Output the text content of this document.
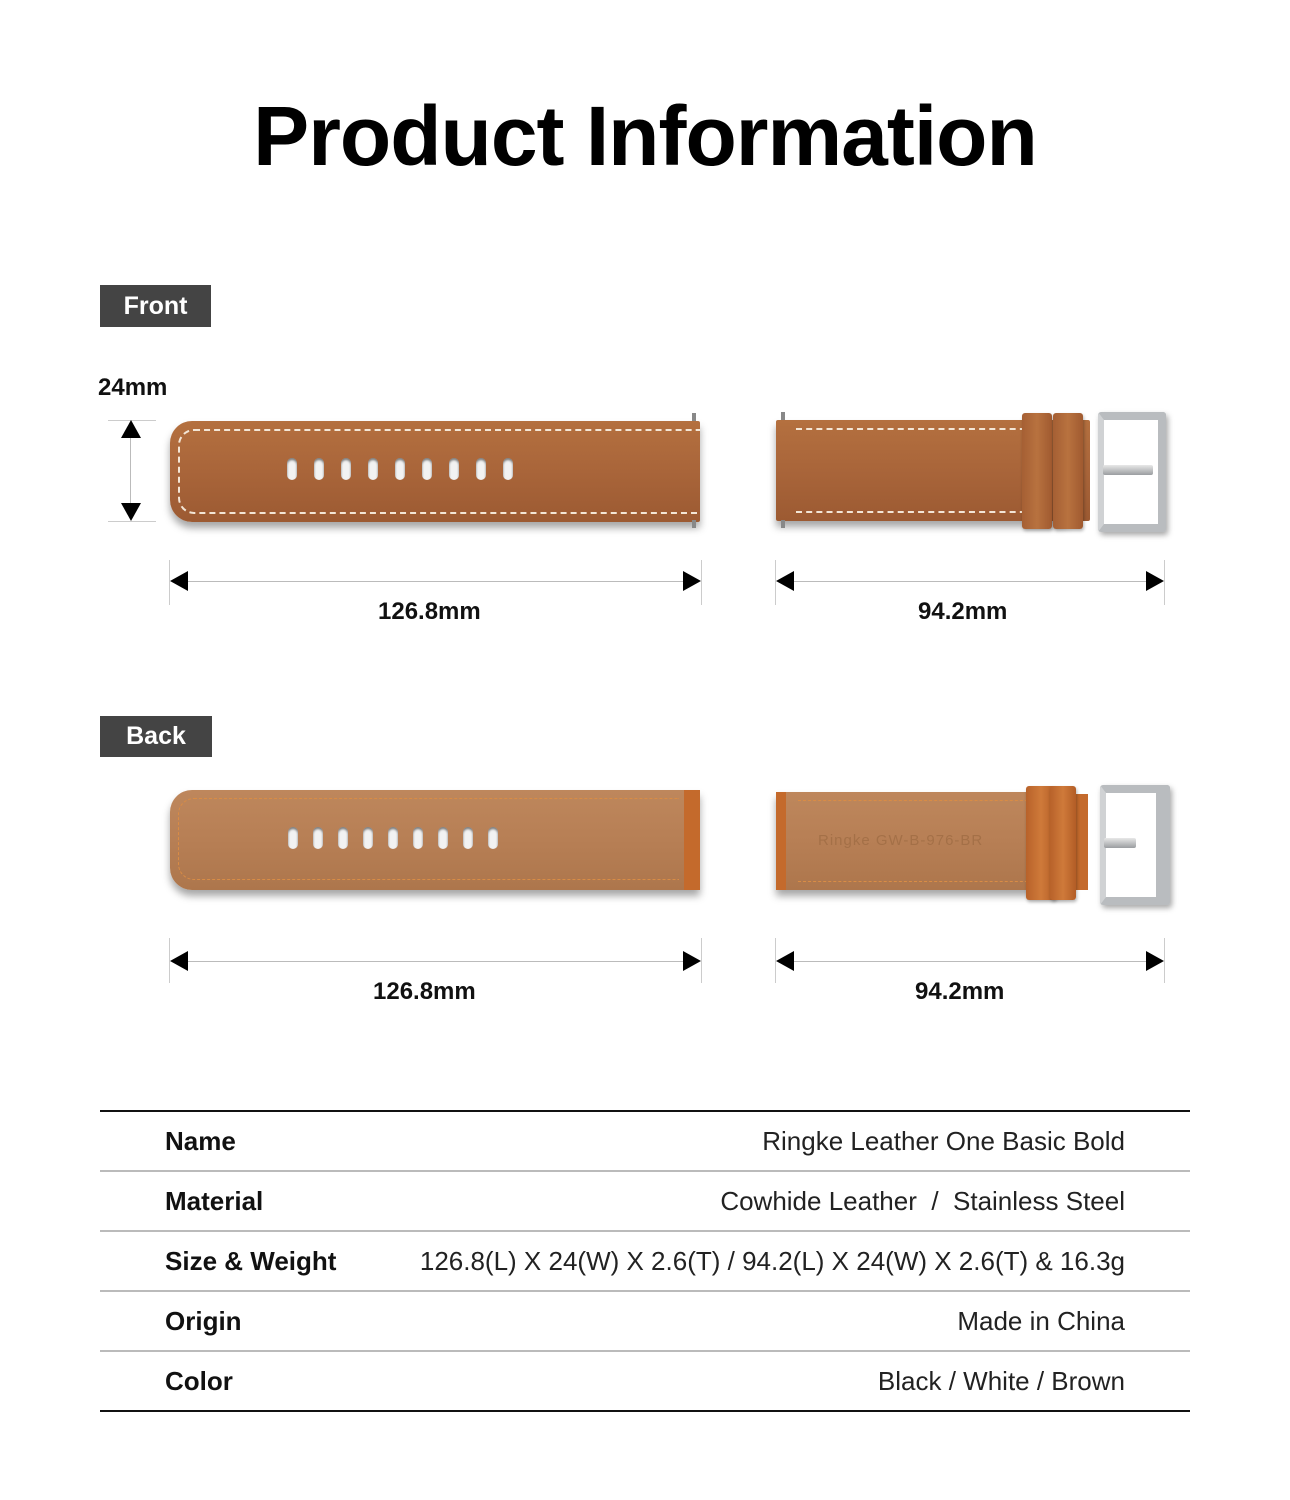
Product Information
Front
24mm
126.8mm	94.2mm
Back
Ringke GW-B-976-BR
126.8mm	94.2mm
Name	Ringke Leather One Basic Bold
Material	Cowhide Leather  /  Stainless Steel
Size & Weight	126.8(L) X 24(W) X 2.6(T) / 94.2(L) X 24(W) X 2.6(T) & 16.3g
Origin	Made in China
Color	Black / White / Brown
